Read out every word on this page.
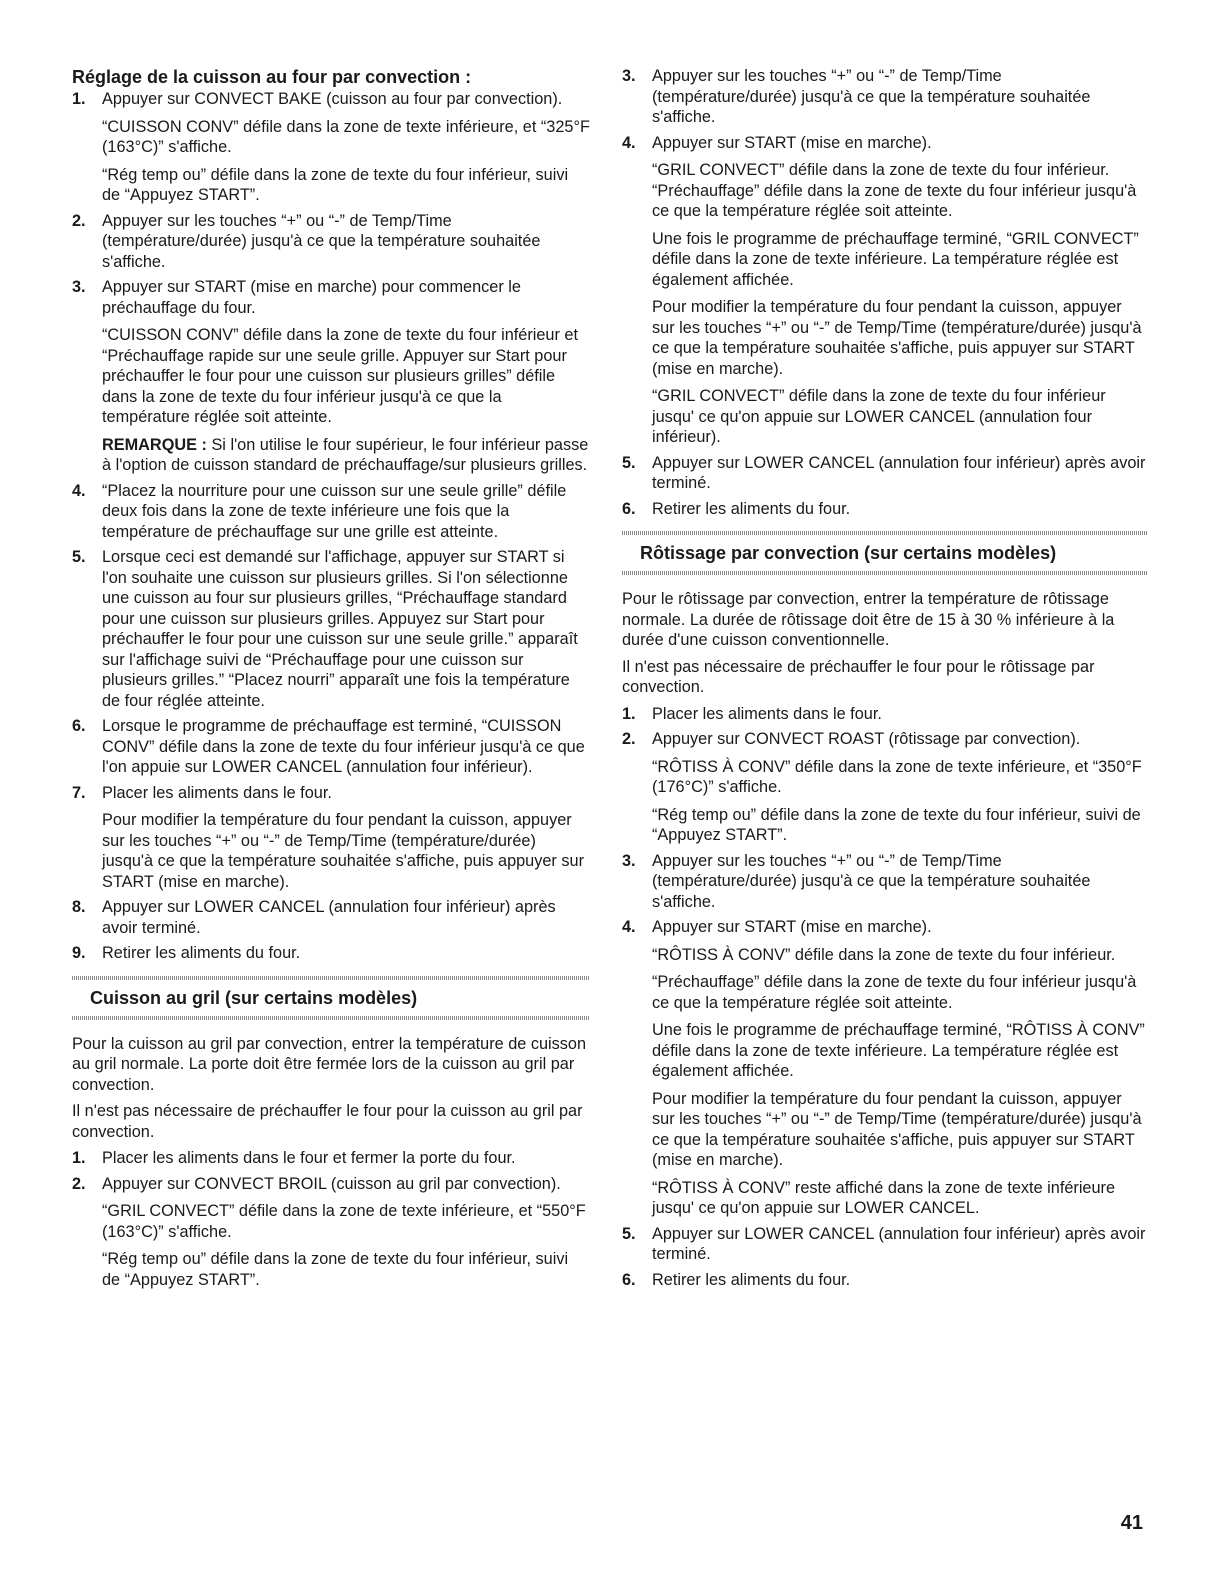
Réglage de la cuisson au four par convection :
1. Appuyer sur CONVECT BAKE (cuisson au four par convection).

“CUISSON CONV” défile dans la zone de texte inférieure, et “325°F (163°C)” s'affiche.

“Rég temp ou” défile dans la zone de texte du four inférieur, suivi de “Appuyez START”.

2. Appuyer sur les touches “+” ou “-” de Temp/Time (température/durée) jusqu'à ce que la température souhaitée s'affiche.

3. Appuyer sur START (mise en marche) pour commencer le préchauffage du four.

“CUISSON CONV” défile dans la zone de texte du four inférieur et “Préchauffage rapide sur une seule grille. Appuyer sur Start pour préchauffer le four pour une cuisson sur plusieurs grilles” défile dans la zone de texte du four inférieur jusqu'à ce que la température réglée soit atteinte.

REMARQUE : Si l'on utilise le four supérieur, le four inférieur passe à l'option de cuisson standard de préchauffage/sur plusieurs grilles.

4. “Placez la nourriture pour une cuisson sur une seule grille” défile deux fois dans la zone de texte inférieure une fois que la température de préchauffage sur une grille est atteinte.

5. Lorsque ceci est demandé sur l'affichage, appuyer sur START si l'on souhaite une cuisson sur plusieurs grilles. Si l'on sélectionne une cuisson au four sur plusieurs grilles, “Préchauffage standard pour une cuisson sur plusieurs grilles. Appuyez sur Start pour préchauffer le four pour une cuisson sur une seule grille.” apparaît sur l'affichage suivi de “Préchauffage pour une cuisson sur plusieurs grilles.” “Placez nourri” apparaît une fois la température de four réglée atteinte.

6. Lorsque le programme de préchauffage est terminé, “CUISSON CONV” défile dans la zone de texte du four inférieur jusqu'à ce que l'on appuie sur LOWER CANCEL (annulation four inférieur).

7. Placer les aliments dans le four.

Pour modifier la température du four pendant la cuisson, appuyer sur les touches “+” ou “-” de Temp/Time (température/durée) jusqu'à ce que la température souhaitée s'affiche, puis appuyer sur START (mise en marche).

8. Appuyer sur LOWER CANCEL (annulation four inférieur) après avoir terminé.

9. Retirer les aliments du four.

Cuisson au gril (sur certains modèles)

Pour la cuisson au gril par convection, entrer la température de cuisson au gril normale. La porte doit être fermée lors de la cuisson au gril par convection.

Il n'est pas nécessaire de préchauffer le four pour la cuisson au gril par convection.

1. Placer les aliments dans le four et fermer la porte du four.

2. Appuyer sur CONVECT BROIL (cuisson au gril par convection).

“GRIL CONVECT” défile dans la zone de texte inférieure, et “550°F (163°C)” s'affiche.

“Rég temp ou” défile dans la zone de texte du four inférieur, suivi de “Appuyez START”.

3. Appuyer sur les touches “+” ou “-” de Temp/Time (température/durée) jusqu'à ce que la température souhaitée s'affiche.

4. Appuyer sur START (mise en marche).

“GRIL CONVECT” défile dans la zone de texte du four inférieur. “Préchauffage” défile dans la zone de texte du four inférieur jusqu'à ce que la température réglée soit atteinte.

Une fois le programme de préchauffage terminé, “GRIL CONVECT” défile dans la zone de texte inférieure. La température réglée est également affichée.

Pour modifier la température du four pendant la cuisson, appuyer sur les touches “+” ou “-” de Temp/Time (température/durée) jusqu'à ce que la température souhaitée s'affiche, puis appuyer sur START (mise en marche).

“GRIL CONVECT” défile dans la zone de texte du four inférieur jusqu' ce qu'on appuie sur LOWER CANCEL (annulation four inférieur).

5. Appuyer sur LOWER CANCEL (annulation four inférieur) après avoir terminé.

6. Retirer les aliments du four.

Rôtissage par convection (sur certains modèles)

Pour le rôtissage par convection, entrer la température de rôtissage normale. La durée de rôtissage doit être de 15 à 30 % inférieure à la durée d'une cuisson conventionnelle.

Il n'est pas nécessaire de préchauffer le four pour le rôtissage par convection.

1. Placer les aliments dans le four.

2. Appuyer sur CONVECT ROAST (rôtissage par convection).

“RÔTISS À CONV” défile dans la zone de texte inférieure, et “350°F (176°C)” s'affiche.

“Rég temp ou” défile dans la zone de texte du four inférieur, suivi de “Appuyez START”.

3. Appuyer sur les touches “+” ou “-” de Temp/Time (température/durée) jusqu'à ce que la température souhaitée s'affiche.

4. Appuyer sur START (mise en marche).

“RÔTISS À CONV” défile dans la zone de texte du four inférieur.

“Préchauffage” défile dans la zone de texte du four inférieur jusqu'à ce que la température réglée soit atteinte.

Une fois le programme de préchauffage terminé, “RÔTISS À CONV” défile dans la zone de texte inférieure. La température réglée est également affichée.

Pour modifier la température du four pendant la cuisson, appuyer sur les touches “+” ou “-” de Temp/Time (température/durée) jusqu'à ce que la température souhaitée s'affiche, puis appuyer sur START (mise en marche).

“RÔTISS À CONV” reste affiché dans la zone de texte inférieure jusqu' ce qu'on appuie sur LOWER CANCEL.

5. Appuyer sur LOWER CANCEL (annulation four inférieur) après avoir terminé.

6. Retirer les aliments du four.

41
